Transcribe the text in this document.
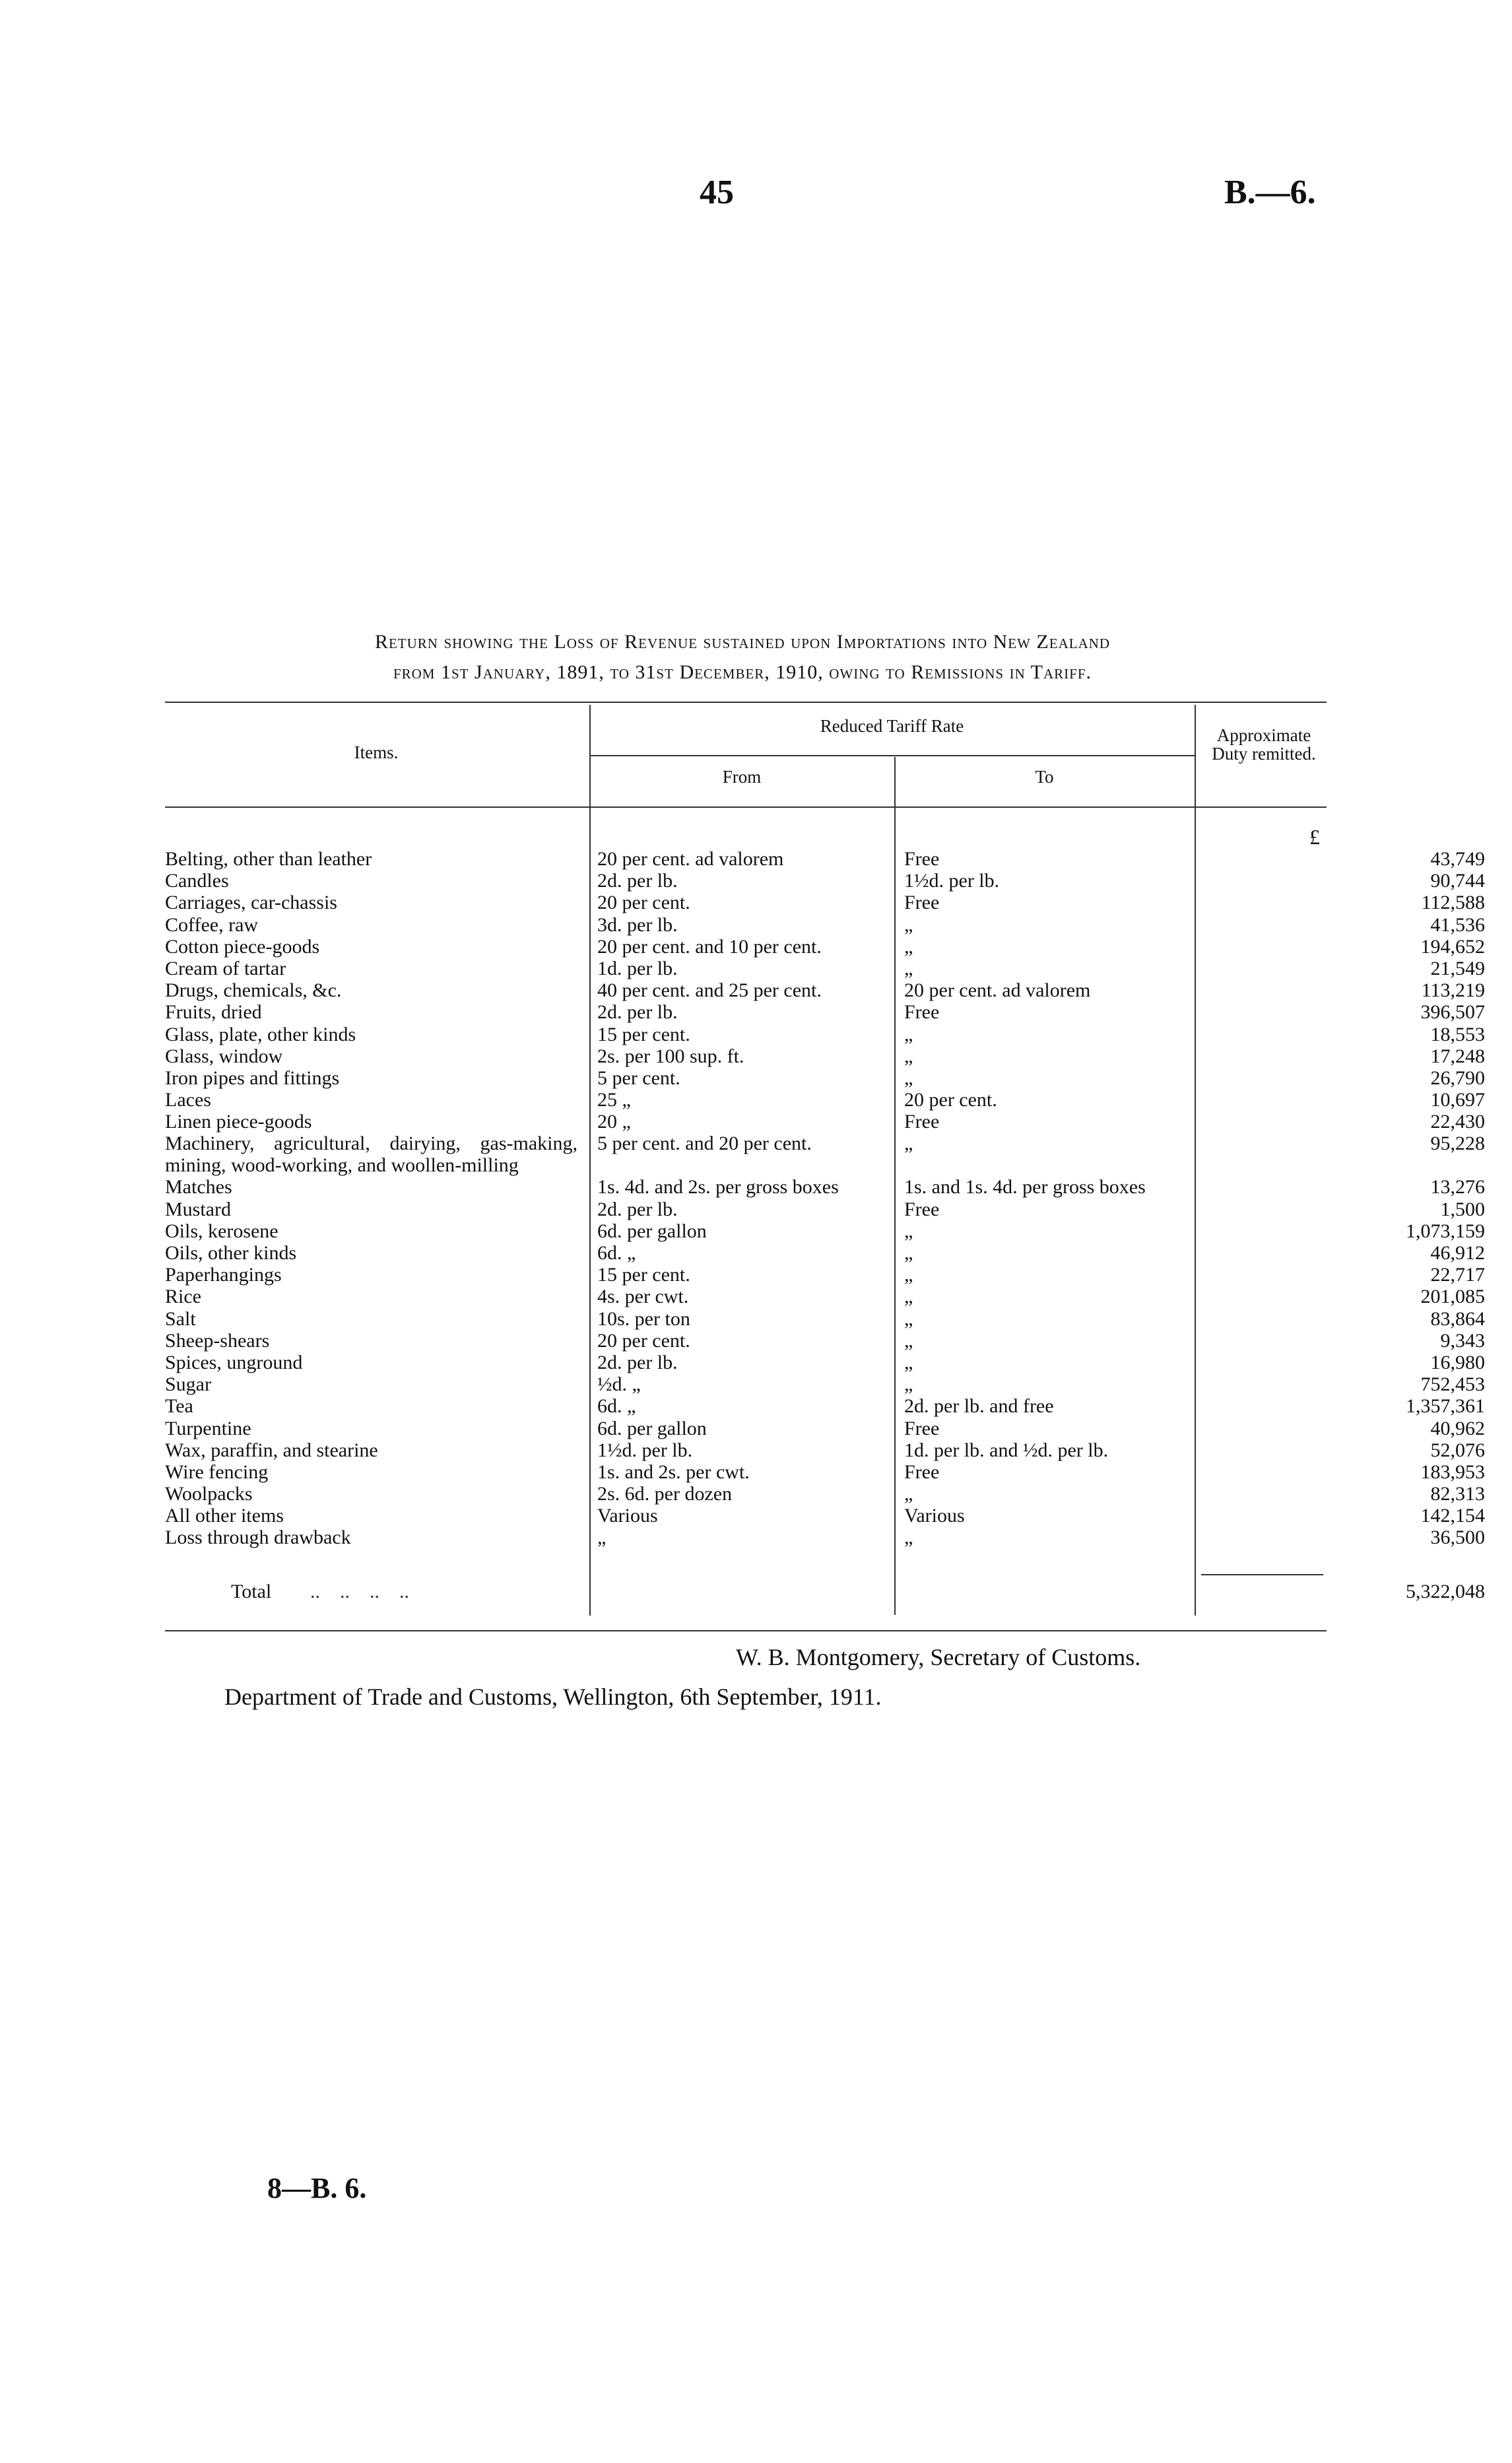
45	B.—6.
Return showing the Loss of Revenue sustained upon Importations into New Zealand
from 1st January, 1891, to 31st December, 1910, owing to Remissions in Tariff.
Items.
Reduced Tariff Rate
From	To
Approximate Duty remitted.
£
Belting, other than leather	20 per cent. ad valorem	Free	43,749
Candles	2d. per lb.	1½d. per lb.	90,744
Carriages, car-chassis	20 per cent.	Free	112,588
Coffee, raw	3d. per lb.	„	41,536
Cotton piece-goods	20 per cent. and 10 per cent.	„	194,652
Cream of tartar	1d. per lb.	„	21,549
Drugs, chemicals, &c.	40 per cent. and 25 per cent.	20 per cent. ad valorem	113,219
Fruits, dried	2d. per lb.	Free	396,507
Glass, plate, other kinds	15 per cent.	„	18,553
Glass, window	2s. per 100 sup. ft.	„	17,248
Iron pipes and fittings	5 per cent.	„	26,790
Laces	25 „	20 per cent.	10,697
Linen piece-goods	20 „	Free	22,430
Machinery, agricultural, dairying, gas-making, mining, wood-working, and woollen-milling
5 per cent. and 20 per cent.	„	95,228
Matches	1s. 4d. and 2s. per gross boxes	1s. and 1s. 4d. per gross boxes	13,276
Mustard	2d. per lb.	Free	1,500
Oils, kerosene	6d. per gallon	„	1,073,159
Oils, other kinds	6d. „	„	46,912
Paperhangings	15 per cent.	„	22,717
Rice	4s. per cwt.	„	201,085
Salt	10s. per ton	„	83,864
Sheep-shears	20 per cent.	„	9,343
Spices, unground	2d. per lb.	„	16,980
Sugar	½d. „	„	752,453
Tea	6d. „	2d. per lb. and free	1,357,361
Turpentine	6d. per gallon	Free	40,962
Wax, paraffin, and stearine	1½d. per lb.	1d. per lb. and ½d. per lb.	52,076
Wire fencing	1s. and 2s. per cwt.	Free	183,953
Woolpacks	2s. 6d. per dozen	„	82,313
All other items	Various	Various	142,154
Loss through drawback	„	„	36,500
Total ..    ..    ..    ..	5,322,048
W. B. Montgomery, Secretary of Customs.
Department of Trade and Customs, Wellington, 6th September, 1911.
8—B. 6.
